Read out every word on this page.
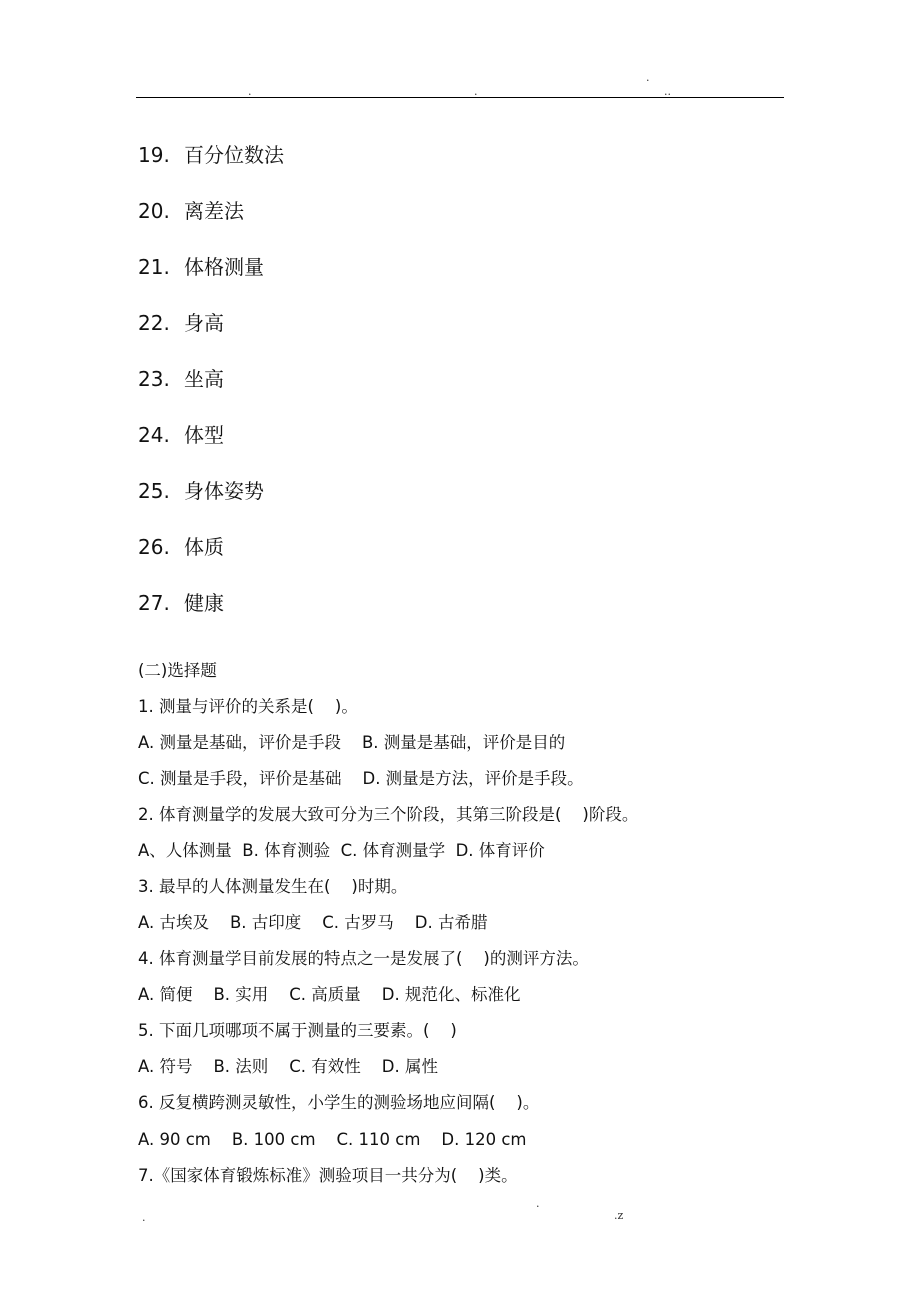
.
.	.	..
19. 百分位数法
20. 离差法
21. 体格测量
22. 身高
23. 坐高
24. 体型
25. 身体姿势
26. 体质
27. 健康
(二)选择题
1. 测量与评价的关系是(    )。
A. 测量是基础，评价是手段    B. 测量是基础，评价是目的
C. 测量是手段，评价是基础    D. 测量是方法，评价是手段。
2. 体育测量学的发展大致可分为三个阶段，其第三阶段是(    )阶段。
A、人体测量  B. 体育测验  C. 体育测量学  D. 体育评价
3. 最早的人体测量发生在(    )时期。
A. 古埃及    B. 古印度    C. 古罗马    D. 古希腊
4. 体育测量学目前发展的特点之一是发展了(    )的测评方法。
A. 简便    B. 实用    C. 高质量    D. 规范化、标准化
5. 下面几项哪项不属于测量的三要素。(    )
A. 符号    B. 法则    C. 有效性    D. 属性
6. 反复横跨测灵敏性，小学生的测验场地应间隔(    )。
A. 90 cm    B. 100 cm    C. 110 cm    D. 120 cm
7.《国家体育锻炼标准》测验项目一共分为(    )类。
.
.
.z
